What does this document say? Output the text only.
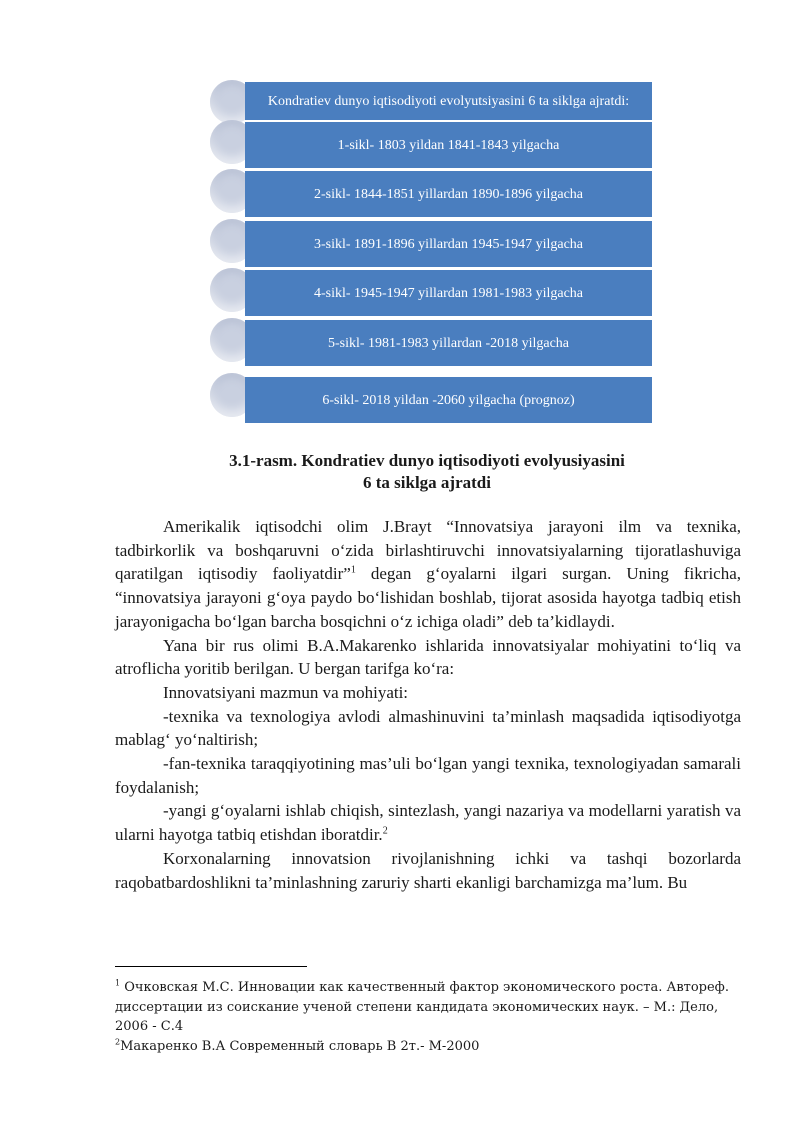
Kondratiev dunyo iqtisodiyoti evolyutsiyasini 6 ta siklga ajratdi:
1-sikl- 1803 yildan 1841-1843 yilgacha
2-sikl- 1844-1851 yillardan 1890-1896 yilgacha
3-sikl- 1891-1896 yillardan 1945-1947 yilgacha
4-sikl- 1945-1947 yillardan 1981-1983 yilgacha
5-sikl- 1981-1983 yillardan -2018 yilgacha
6-sikl- 2018 yildan -2060 yilgacha (prognoz)
3.1-rasm. Kondratiev dunyo iqtisodiyoti evolyusiyasini
6 ta siklga ajratdi

Amerikalik iqtisodchi olim J.Brayt “Innovatsiya jarayoni ilm va texnika, tadbirkorlik va boshqaruvni o‘zida birlashtiruvchi innovatsiyalarning tijoratlashuviga qaratilgan iqtisodiy faoliyatdir”$^1$ degan g‘oyalarni ilgari surgan. Uning fikricha, “innovatsiya jarayoni g‘oya paydo bo‘lishidan boshlab, tijorat asosida hayotga tadbiq etish jarayonigacha bo‘lgan barcha bosqichni o‘z ichiga oladi” deb ta’kidlaydi.

Yana bir rus olimi B.A.Makarenko ishlarida innovatsiyalar mohiyatini to‘liq va atroflicha yoritib berilgan. U bergan tarifga ko‘ra:

Innovatsiyani mazmun va mohiyati:

-texnika va texnologiya avlodi almashinuvini ta’minlash maqsadida iqtisodiyotga mablag‘ yo‘naltirish;

-fan-texnika taraqqiyotining mas’uli bo‘lgan yangi texnika, texnologiyadan samarali foydalanish;

-yangi g‘oyalarni ishlab chiqish, sintezlash, yangi nazariya va modellarni yaratish va ularni hayotga tatbiq etishdan iboratdir.$^2$

Korxonalarning innovatsion rivojlanishning ichki va tashqi bozorlarda raqobatbardoshlikni ta’minlashning zaruriy sharti ekanligi barchamizga ma’lum. Bu

$^1$ Очковская М.С. Инновации как качественный фактор экономического роста. Автореф. диссертации из соискание ученой степени кандидата экономических наук. – М.: Дело, 2006 - С.4

$^2$Макаренко В.А Современный словарь В 2т.- М-2000
